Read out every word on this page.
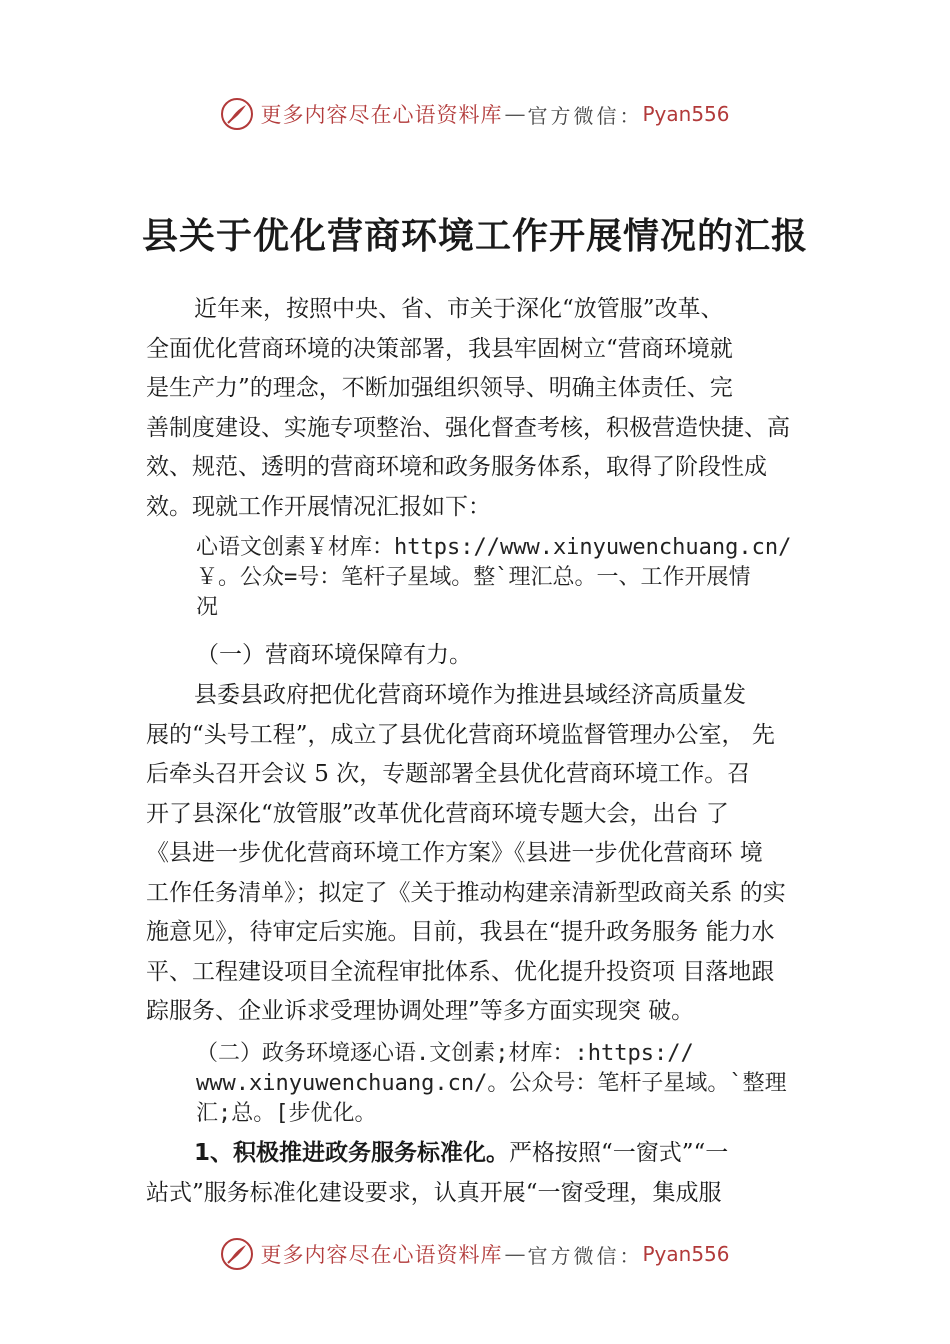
更多内容尽在心语资料库 — 官方微信： Pyan556
县关于优化营商环境工作开展情况的汇报

近年来，按照中央、省、市关于深化“放管服”改革、
全面优化营商环境的决策部署，我县牢固树立“营商环境就
是生产力”的理念，不断加强组织领导、明确主体责任、完
善制度建设、实施专项整治、强化督查考核，积极营造快捷、高
效、规范、透明的营商环境和政务服务体系，取得了阶段性成
效。现就工作开展情况汇报如下：

心语文创素￥材库：https://www.xinyuwenchuang.cn/
￥。公众=号：笔杆子星域。整`理汇总。一、工作开展情
况

（一）营商环境保障有力。

县委县政府把优化营商环境作为推进县域经济高质量发
展的“头号工程”，成立了县优化营商环境监督管理办公室， 先
后牵头召开会议 5 次，专题部署全县优化营商环境工作。召
开了县深化“放管服”改革优化营商环境专题大会，出台 了
《县进一步优化营商环境工作方案》《县进一步优化营商环 境
工作任务清单》；拟定了《关于推动构建亲清新型政商关系 的实
施意见》，待审定后实施。目前，我县在“提升政务服务 能力水
平、工程建设项目全流程审批体系、优化提升投资项 目落地跟
踪服务、企业诉求受理协调处理”等多方面实现突 破。

（二）政务环境逐心语.文创素;材库：:https://
www.xinyuwenchuang.cn/。公众号：笔杆子星域。`整理
汇;总。[步优化。

1、积极推进政务服务标准化。严格按照“一窗式”“一
站式”服务标准化建设要求，认真开展“一窗受理，集成服

更多内容尽在心语资料库 — 官方微信： Pyan556
